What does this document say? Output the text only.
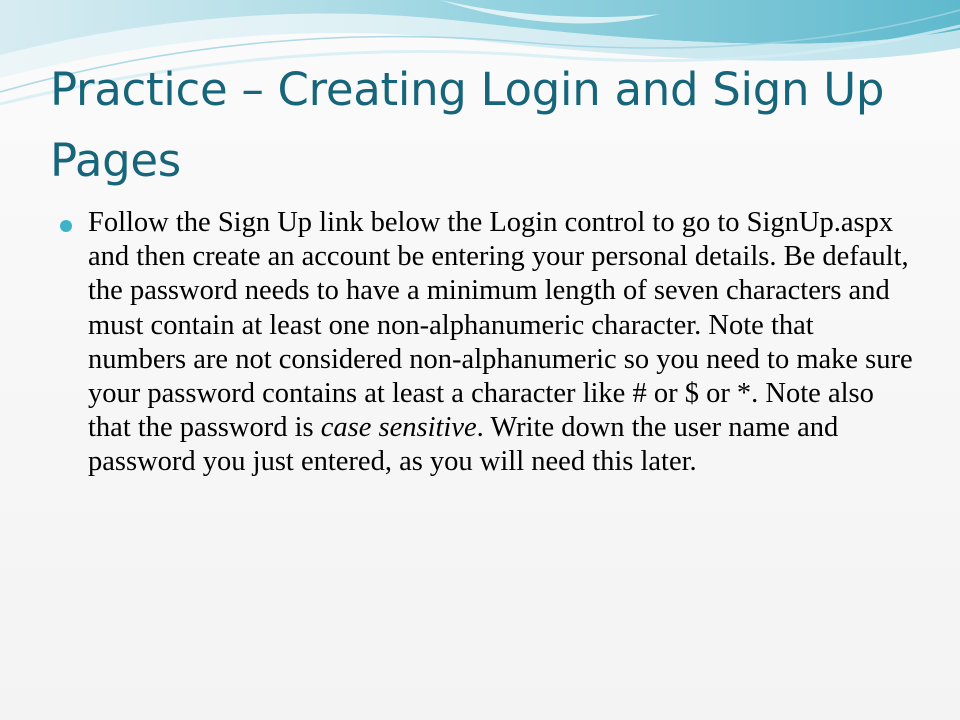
Practice – Creating Login and Sign Up Pages

Follow the Sign Up link below the Login control to go to SignUp.aspx and then create an account be entering your personal details. Be default, the password needs to have a minimum length of seven characters and must contain at least one non-alphanumeric character. Note that numbers are not considered non-alphanumeric so you need to make sure your password contains at least a character like # or $ or *. Note also that the password is case sensitive. Write down the user name and password you just entered, as you will need this later.
